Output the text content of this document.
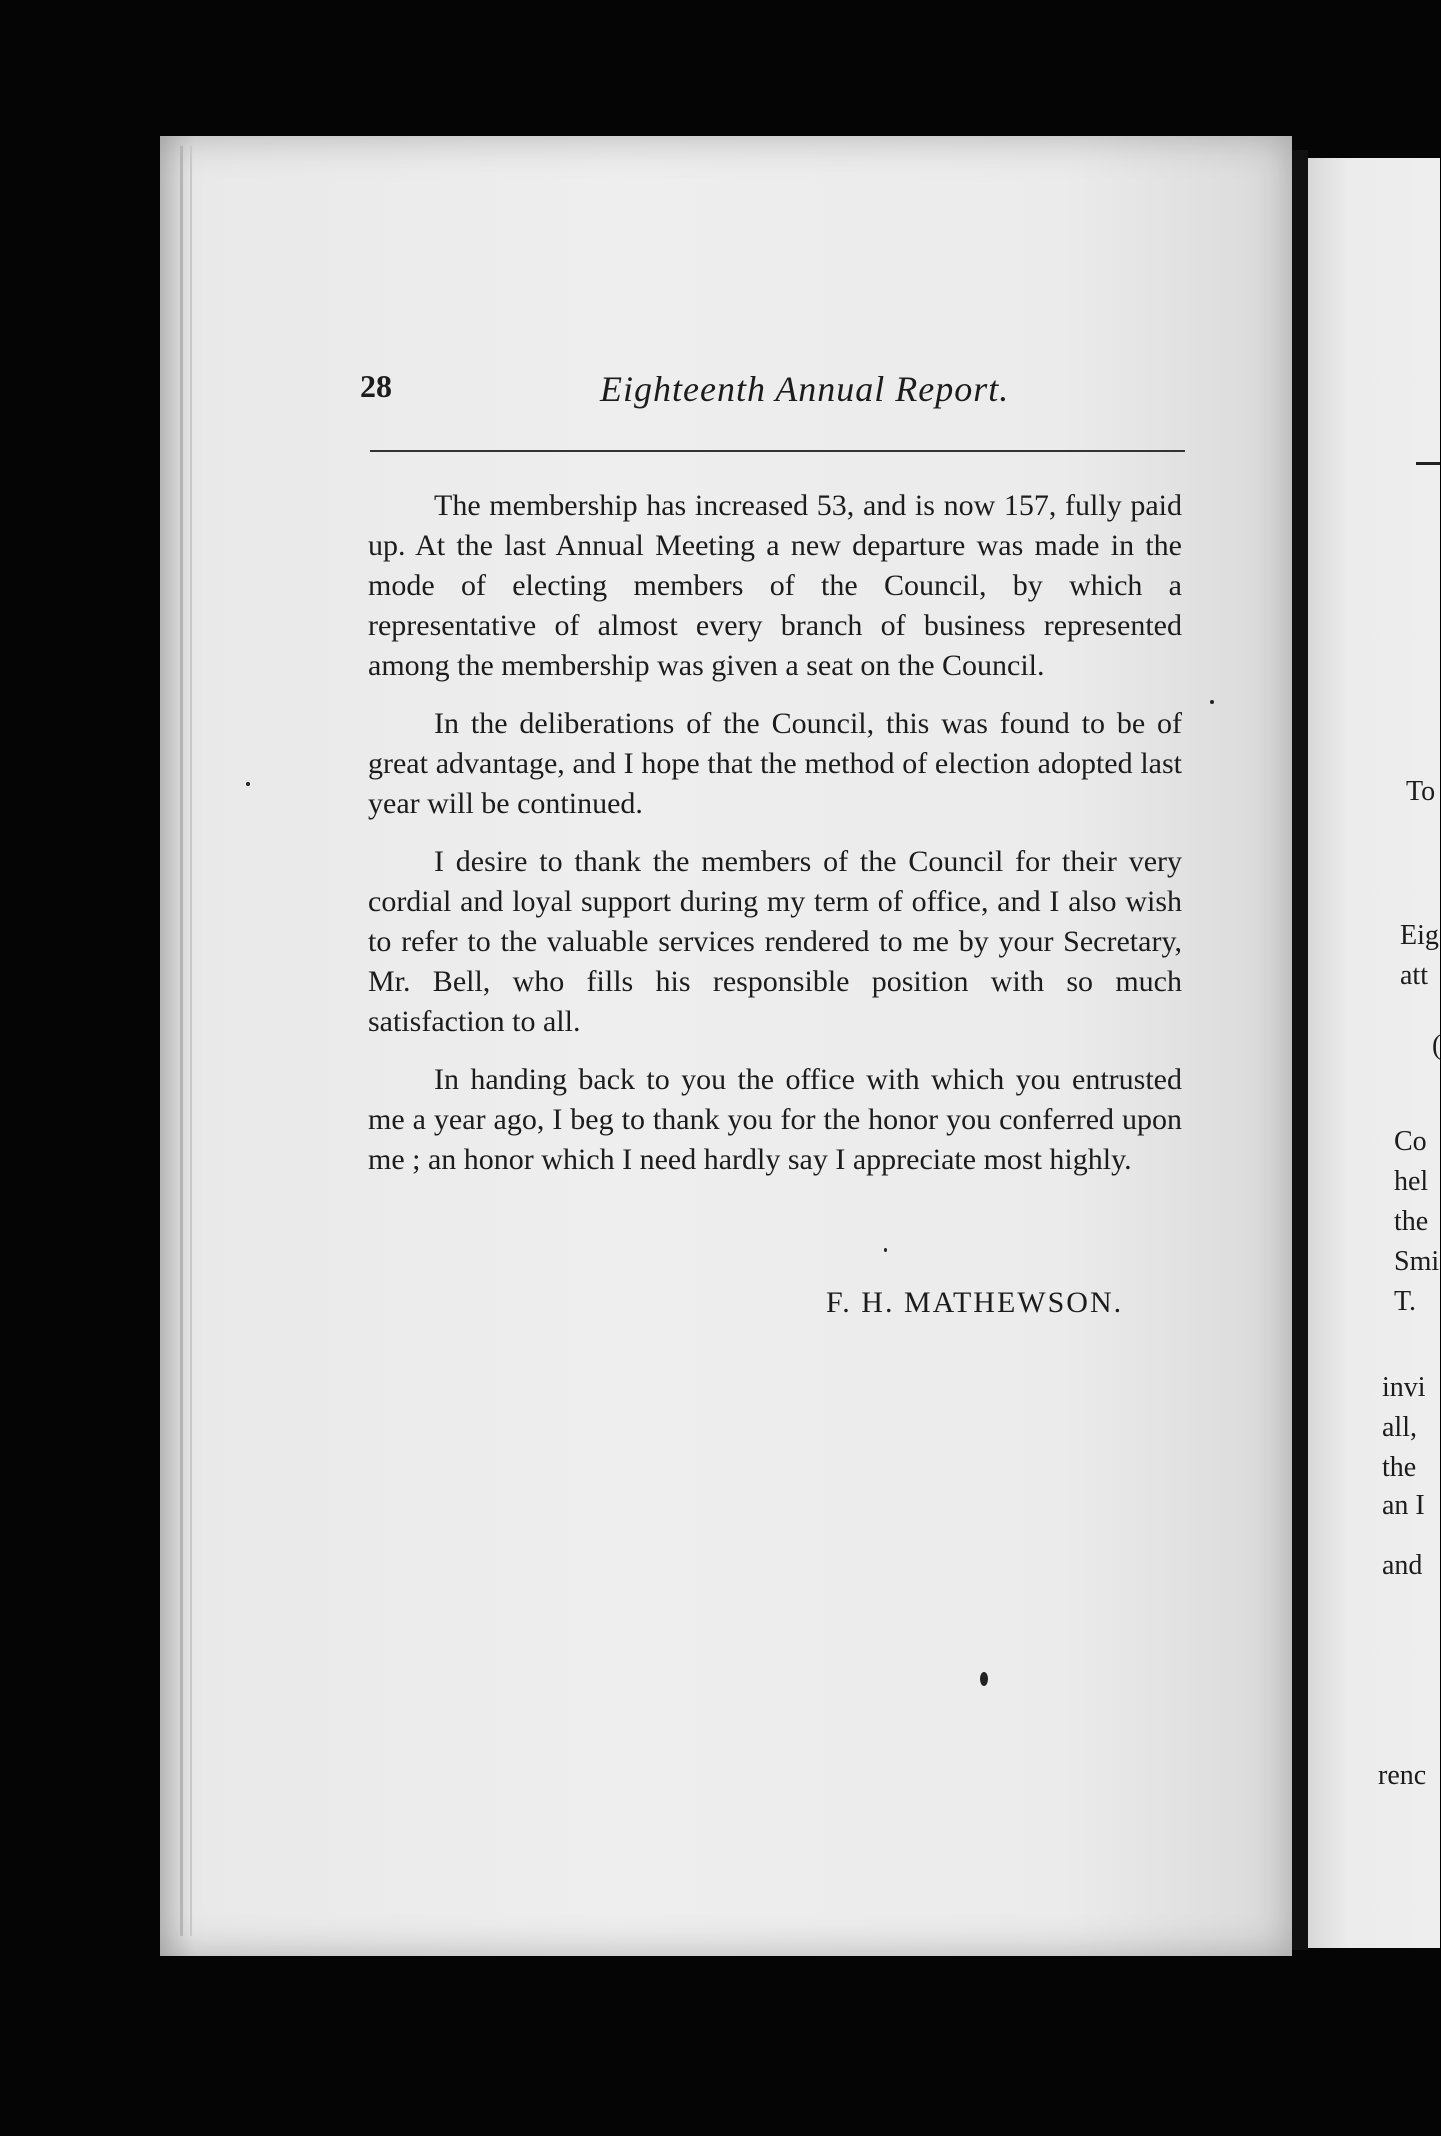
28	Eighteenth Annual Report.

The membership has increased 53, and is now 157, fully paid up. At the last Annual Meeting a new departure was made in the mode of electing members of the Council, by which a representative of almost every branch of business represented among the membership was given a seat on the Council.

In the deliberations of the Council, this was found to be of great advantage, and I hope that the method of election adopted last year will be continued.

I desire to thank the members of the Council for their very cordial and loyal support during my term of office, and I also wish to refer to the valuable services rendered to me by your Secretary, Mr. Bell, who fills his responsible position with so much satisfaction to all.

In handing back to you the office with which you entrusted me a year ago, I beg to thank you for the honor you conferred upon me ; an honor which I need hardly say I appreciate most highly.

F. H. MATHEWSON.
To
Eig
att
(
Co
hel
the
Smi
T.
invi
all,
the
an I
and
renc
